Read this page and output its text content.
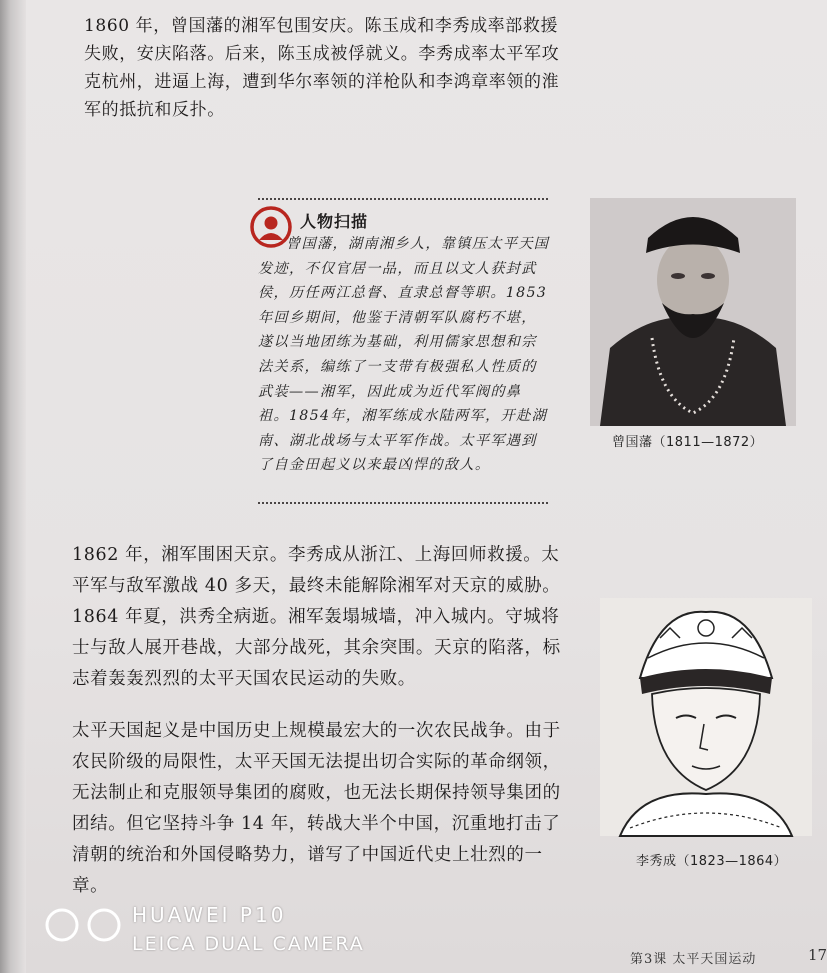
1860 年，曾国藩的湘军包围安庆。陈玉成和李秀成率部救援失败，安庆陷落。后来，陈玉成被俘就义。李秀成率太平军攻克杭州，进逼上海，遭到华尔率领的洋枪队和李鸿章率领的淮军的抵抗和反扑。

人物扫描

曾国藩，湖南湘乡人，靠镇压太平天国发迹，不仅官居一品，而且以文人获封武侯，历任两江总督、直隶总督等职。1853年回乡期间，他鉴于清朝军队腐朽不堪，遂以当地团练为基础，利用儒家思想和宗法关系，编练了一支带有极强私人性质的武装——湘军，因此成为近代军阀的鼻祖。1854年，湘军练成水陆两军，开赴湖南、湖北战场与太平军作战。太平军遇到了自金田起义以来最凶悍的敌人。

曾国藩（1811—1872）

1862 年，湘军围困天京。李秀成从浙江、上海回师救援。太平军与敌军激战 40 多天，最终未能解除湘军对天京的威胁。1864 年夏，洪秀全病逝。湘军轰塌城墙，冲入城内。守城将士与敌人展开巷战，大部分战死，其余突围。天京的陷落，标志着轰轰烈烈的太平天国农民运动的失败。

太平天国起义是中国历史上规模最宏大的一次农民战争。由于农民阶级的局限性，太平天国无法提出切合实际的革命纲领，无法制止和克服领导集团的腐败，也无法长期保持领导集团的团结。但它坚持斗争 14 年，转战大半个中国，沉重地打击了清朝的统治和外国侵略势力，谱写了中国近代史上壮烈的一章。

李秀成（1823—1864）
HUAWEI P10
LEICA DUAL CAMERA
第3课 太平天国运动	17
